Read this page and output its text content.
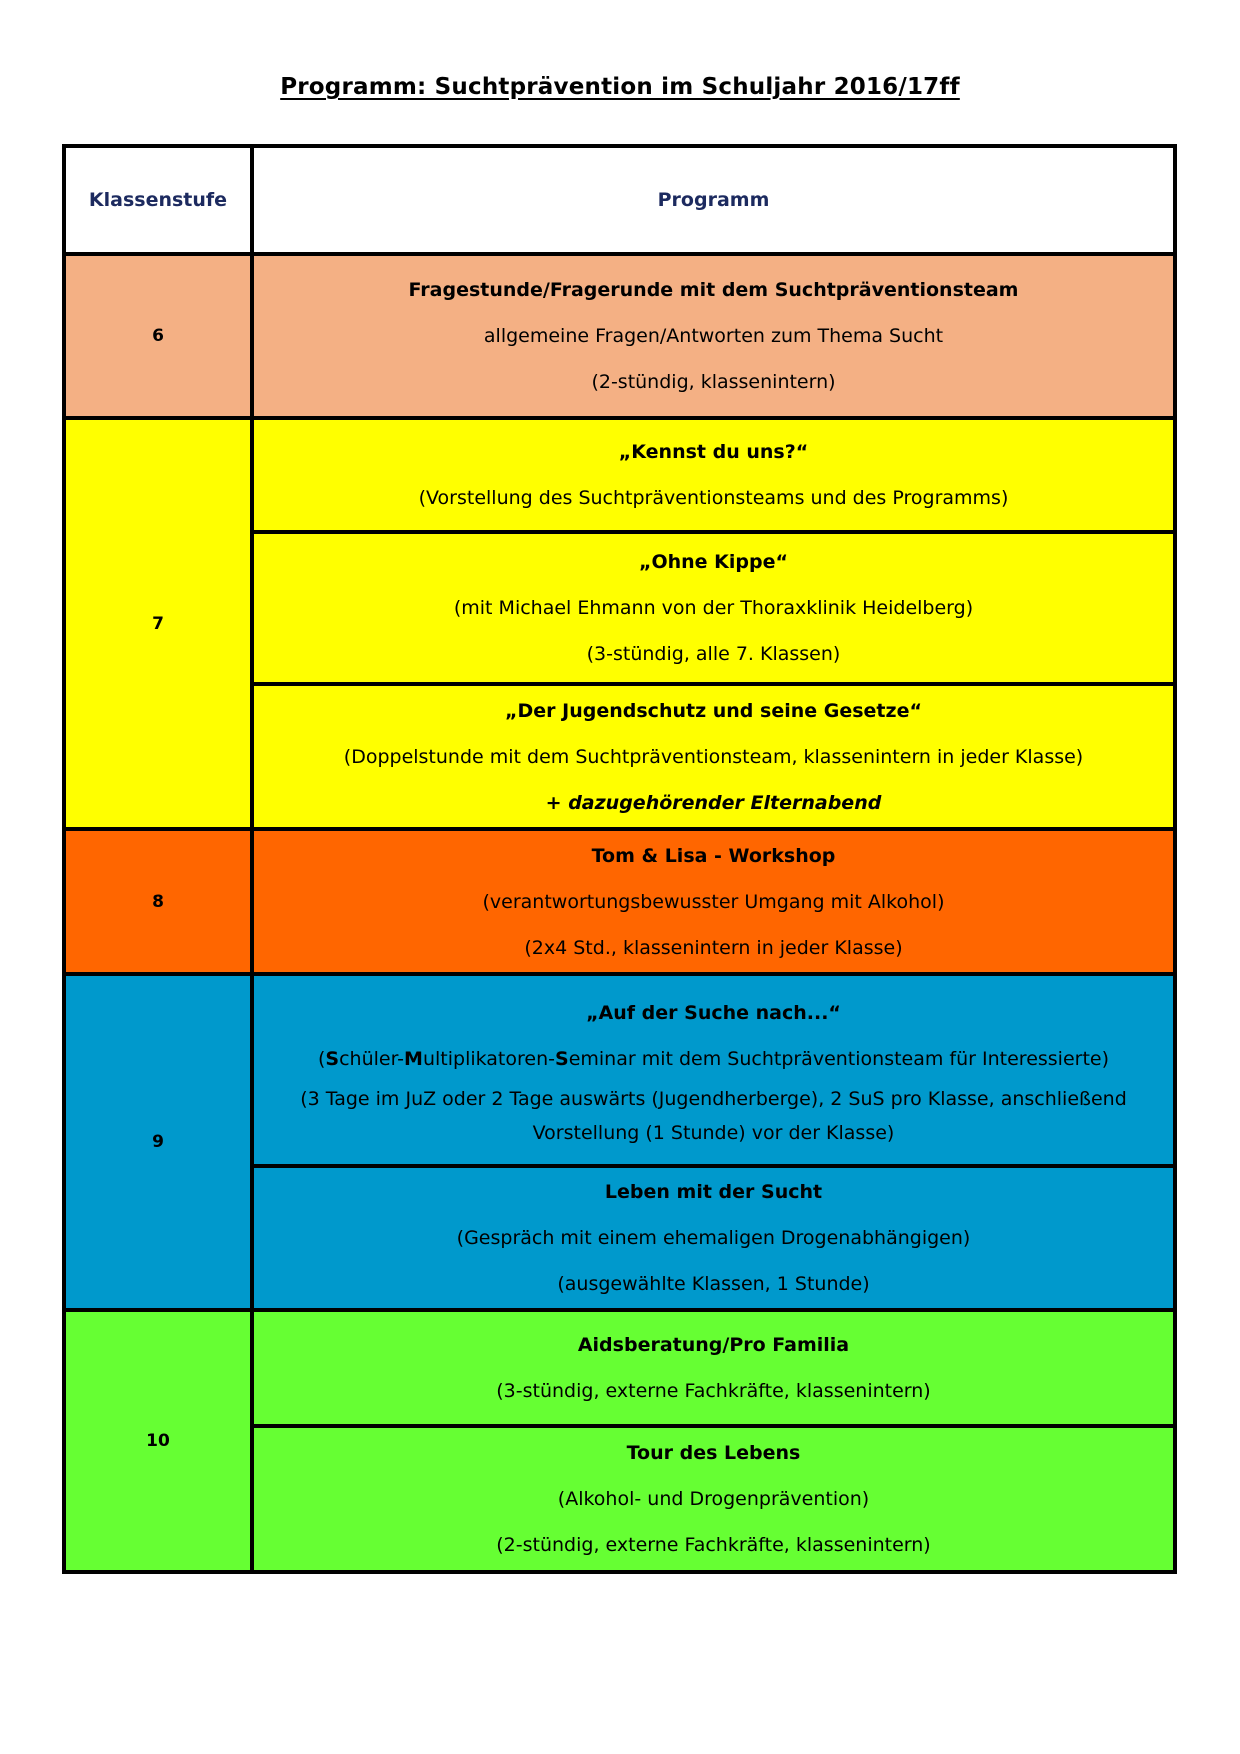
Programm: Suchtprävention im Schuljahr 2016/17ff
Klassenstufe	Programm
6	Fragestunde/Fragerunde mit dem Suchtpräventionsteam
allgemeine Fragen/Antworten zum Thema Sucht
(2-stündig, klassenintern)

7	„Kennst du uns?“
(Vorstellung des Suchtpräventionsteams und des Programms)

	„Ohne Kippe“
(mit Michael Ehmann von der Thoraxklinik Heidelberg)
(3-stündig, alle 7. Klassen)

	„Der Jugendschutz und seine Gesetze“
(Doppelstunde mit dem Suchtpräventionsteam, klassenintern in jeder Klasse)
+ dazugehörender Elternabend

8	Tom & Lisa - Workshop
(verantwortungsbewusster Umgang mit Alkohol)
(2x4 Std., klassenintern in jeder Klasse)

9	„Auf der Suche nach...“
(Schüler-Multiplikatoren-Seminar mit dem Suchtpräventionsteam für Interessierte)
(3 Tage im JuZ oder 2 Tage auswärts (Jugendherberge), 2 SuS pro Klasse, anschließend
Vorstellung (1 Stunde) vor der Klasse)

	Leben mit der Sucht
(Gespräch mit einem ehemaligen Drogenabhängigen)
(ausgewählte Klassen, 1 Stunde)

10	Aidsberatung/Pro Familia
(3-stündig, externe Fachkräfte, klassenintern)

	Tour des Lebens
(Alkohol- und Drogenprävention)
(2-stündig, externe Fachkräfte, klassenintern)
